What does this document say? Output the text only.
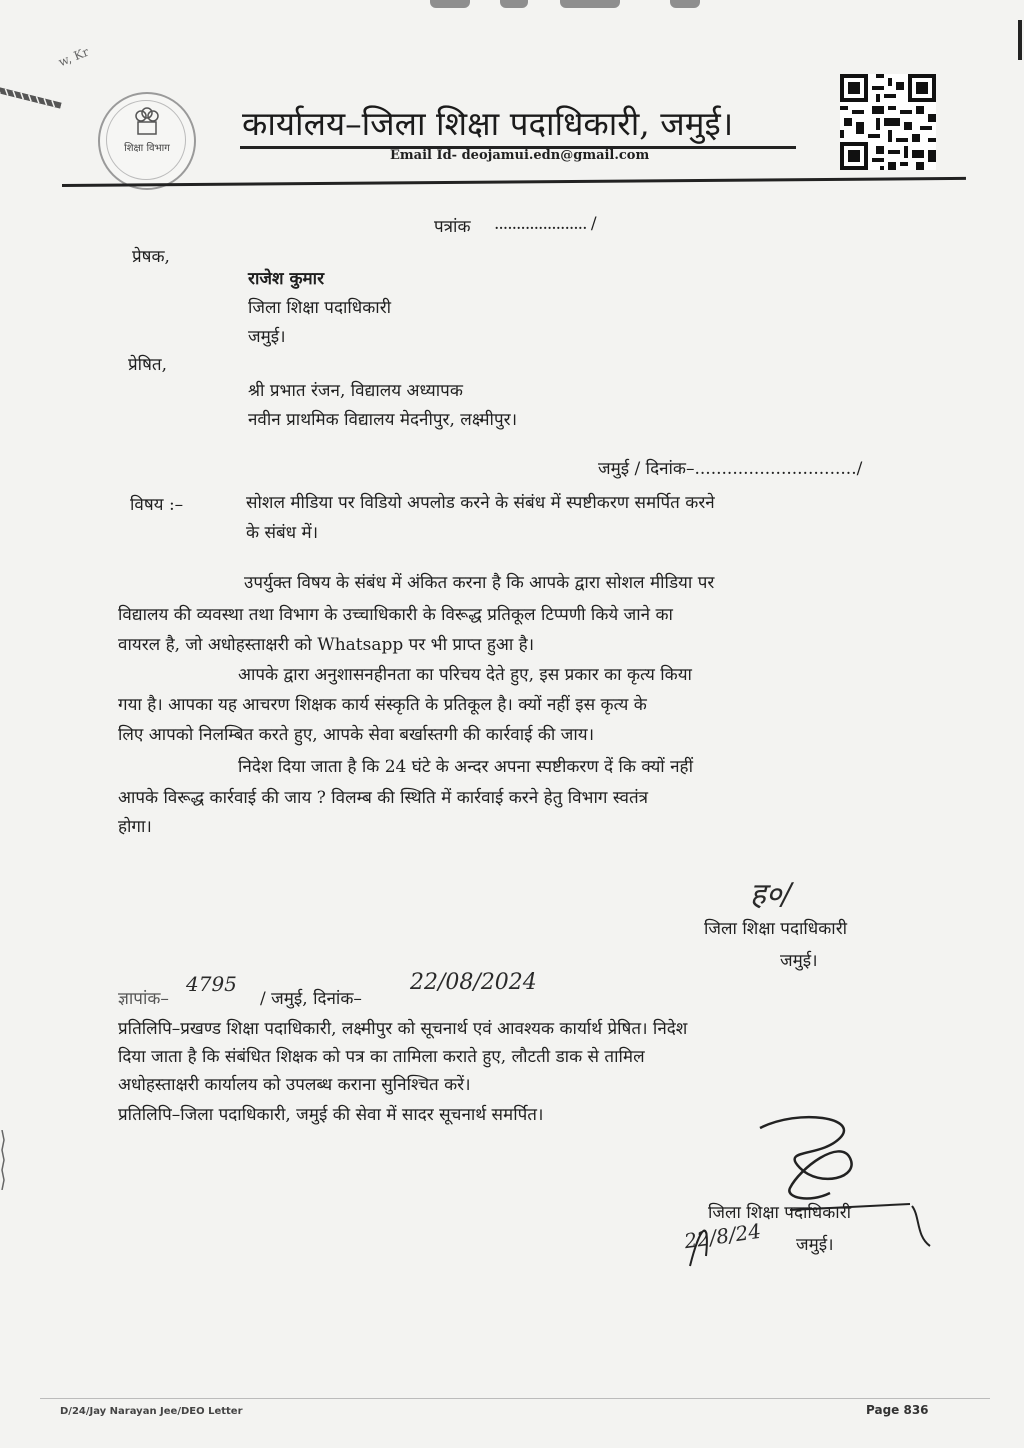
w, Kr
शिक्षा विभाग
कार्यालय–जिला शिक्षा पदाधिकारी, जमुई।
Email Id- deojamui.edn@gmail.com
पत्रांक ..................... /
प्रेषक,
राजेश कुमार
जिला शिक्षा पदाधिकारी
जमुई।
प्रेषित,
श्री प्रभात रंजन, विद्यालय अध्यापक
नवीन प्राथमिक विद्यालय मेदनीपुर, लक्ष्मीपुर।
जमुई / दिनांक–............................../
विषय :–	सोशल मीडिया पर विडियो अपलोड करने के संबंध में स्पष्टीकरण समर्पित करने
के संबंध में।
उपर्युक्त विषय के संबंध में अंकित करना है कि आपके द्वारा सोशल मीडिया पर
विद्यालय की व्यवस्था तथा विभाग के उच्चाधिकारी के विरूद्ध प्रतिकूल टिप्पणी किये जाने का
वायरल है, जो अधोहस्ताक्षरी को Whatsapp पर भी प्राप्त हुआ है।
आपके द्वारा अनुशासनहीनता का परिचय देते हुए, इस प्रकार का कृत्य किया
गया है। आपका यह आचरण शिक्षक कार्य संस्कृति के प्रतिकूल है। क्यों नहीं इस कृत्य के
लिए आपको निलम्बित करते हुए, आपके सेवा बर्खास्तगी की कार्रवाई की जाय।
निदेश दिया जाता है कि 24 घंटे के अन्दर अपना स्पष्टीकरण दें कि क्यों नहीं
आपके विरूद्ध कार्रवाई की जाय ? विलम्ब की स्थिति में कार्रवाई करने हेतु विभाग स्वतंत्र
होगा।
ह०/
जिला शिक्षा पदाधिकारी
जमुई।
ज्ञापांक–
4795
/ जमुई, दिनांक–
22/08/2024
प्रतिलिपि–प्रखण्ड शिक्षा पदाधिकारी, लक्ष्मीपुर को सूचनार्थ एवं आवश्यक कार्यार्थ प्रेषित। निदेश
दिया जाता है कि संबंधित शिक्षक को पत्र का तामिला कराते हुए, लौटती डाक से तामिल
अधोहस्ताक्षरी कार्यालय को उपलब्ध कराना सुनिश्चित करें।
प्रतिलिपि–जिला पदाधिकारी, जमुई की सेवा में सादर सूचनार्थ समर्पित।
जिला शिक्षा पदाधिकारी
जमुई।
22/8/24
D/24/Jay Narayan Jee/DEO Letter	Page 836
